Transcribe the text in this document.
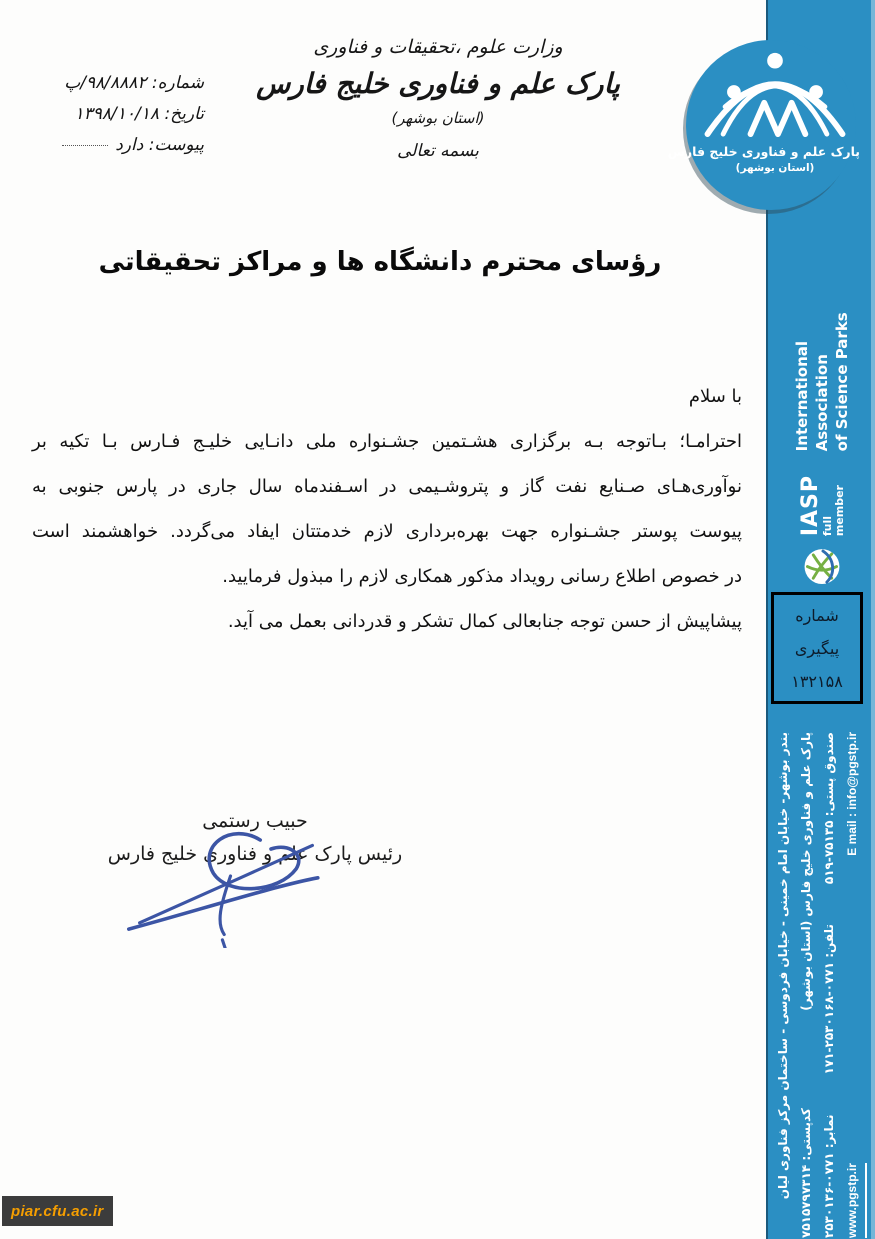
شماره: ۹۸/۸۸۸۲/پ
تاریخ: ۱۳۹۸/۱۰/۱۸
پیوست: دارد
وزارت علوم ،تحقیقات و فناوری
پارک علم و فناوری خلیج فارس
(استان بوشهر)
بسمه تعالی
رؤسای محترم دانشگاه ها و مراکز تحقیقاتی
با سلام
احترامـا؛ بـاتوجه بـه برگزاری هشـتمین جشـنواره ملی دانـایی خلیـج فـارس بـا تکیه بر
نوآوری‌هـای صـنایع نفت گاز و پتروشـیمی در اسـفندماه سال جاری در پارس جنوبی به
پیوست پوستر جشـنواره جهت بهره‌برداری لازم خدمتتان ایفاد می‌گردد. خواهشمند است
در خصوص اطلاع رسانی رویداد مذکور همکاری لازم را مبذول فرمایید.
پیشاپیش از حسن توجه جنابعالی کمال تشکر و قدردانی بعمل می آید.
حبیب رستمی
رئیس پارک علم و فناوری خلیج فارس
پارک علم و فناوری خلیج فارس
(استان بوشهر)
IASP
full member
International Association of Science Parks
شماره
پیگیری
۱۳۲۱۵۸
بندر بوشهر- خیابان امام خمینی - خیابان فردوسی - ساختمان مرکز فناوری لیان پارک علم و فناوری خلیج فارس (استان بوشهر)
کدپستی: ۷۵۱۵۷۹۷۳۱۴
صندوق پستی: ۷۵۱۳۵-۵۱۹
تلفن: ۰۷۷۱-۲۵۳۰۱۶۸-۱۷۱
نمابر: ۰۷۷۱-۲۵۳۰۱۳۶
E mail : info@pgstp.ir
www.pgstp.ir
piar.cfu.ac.ir
